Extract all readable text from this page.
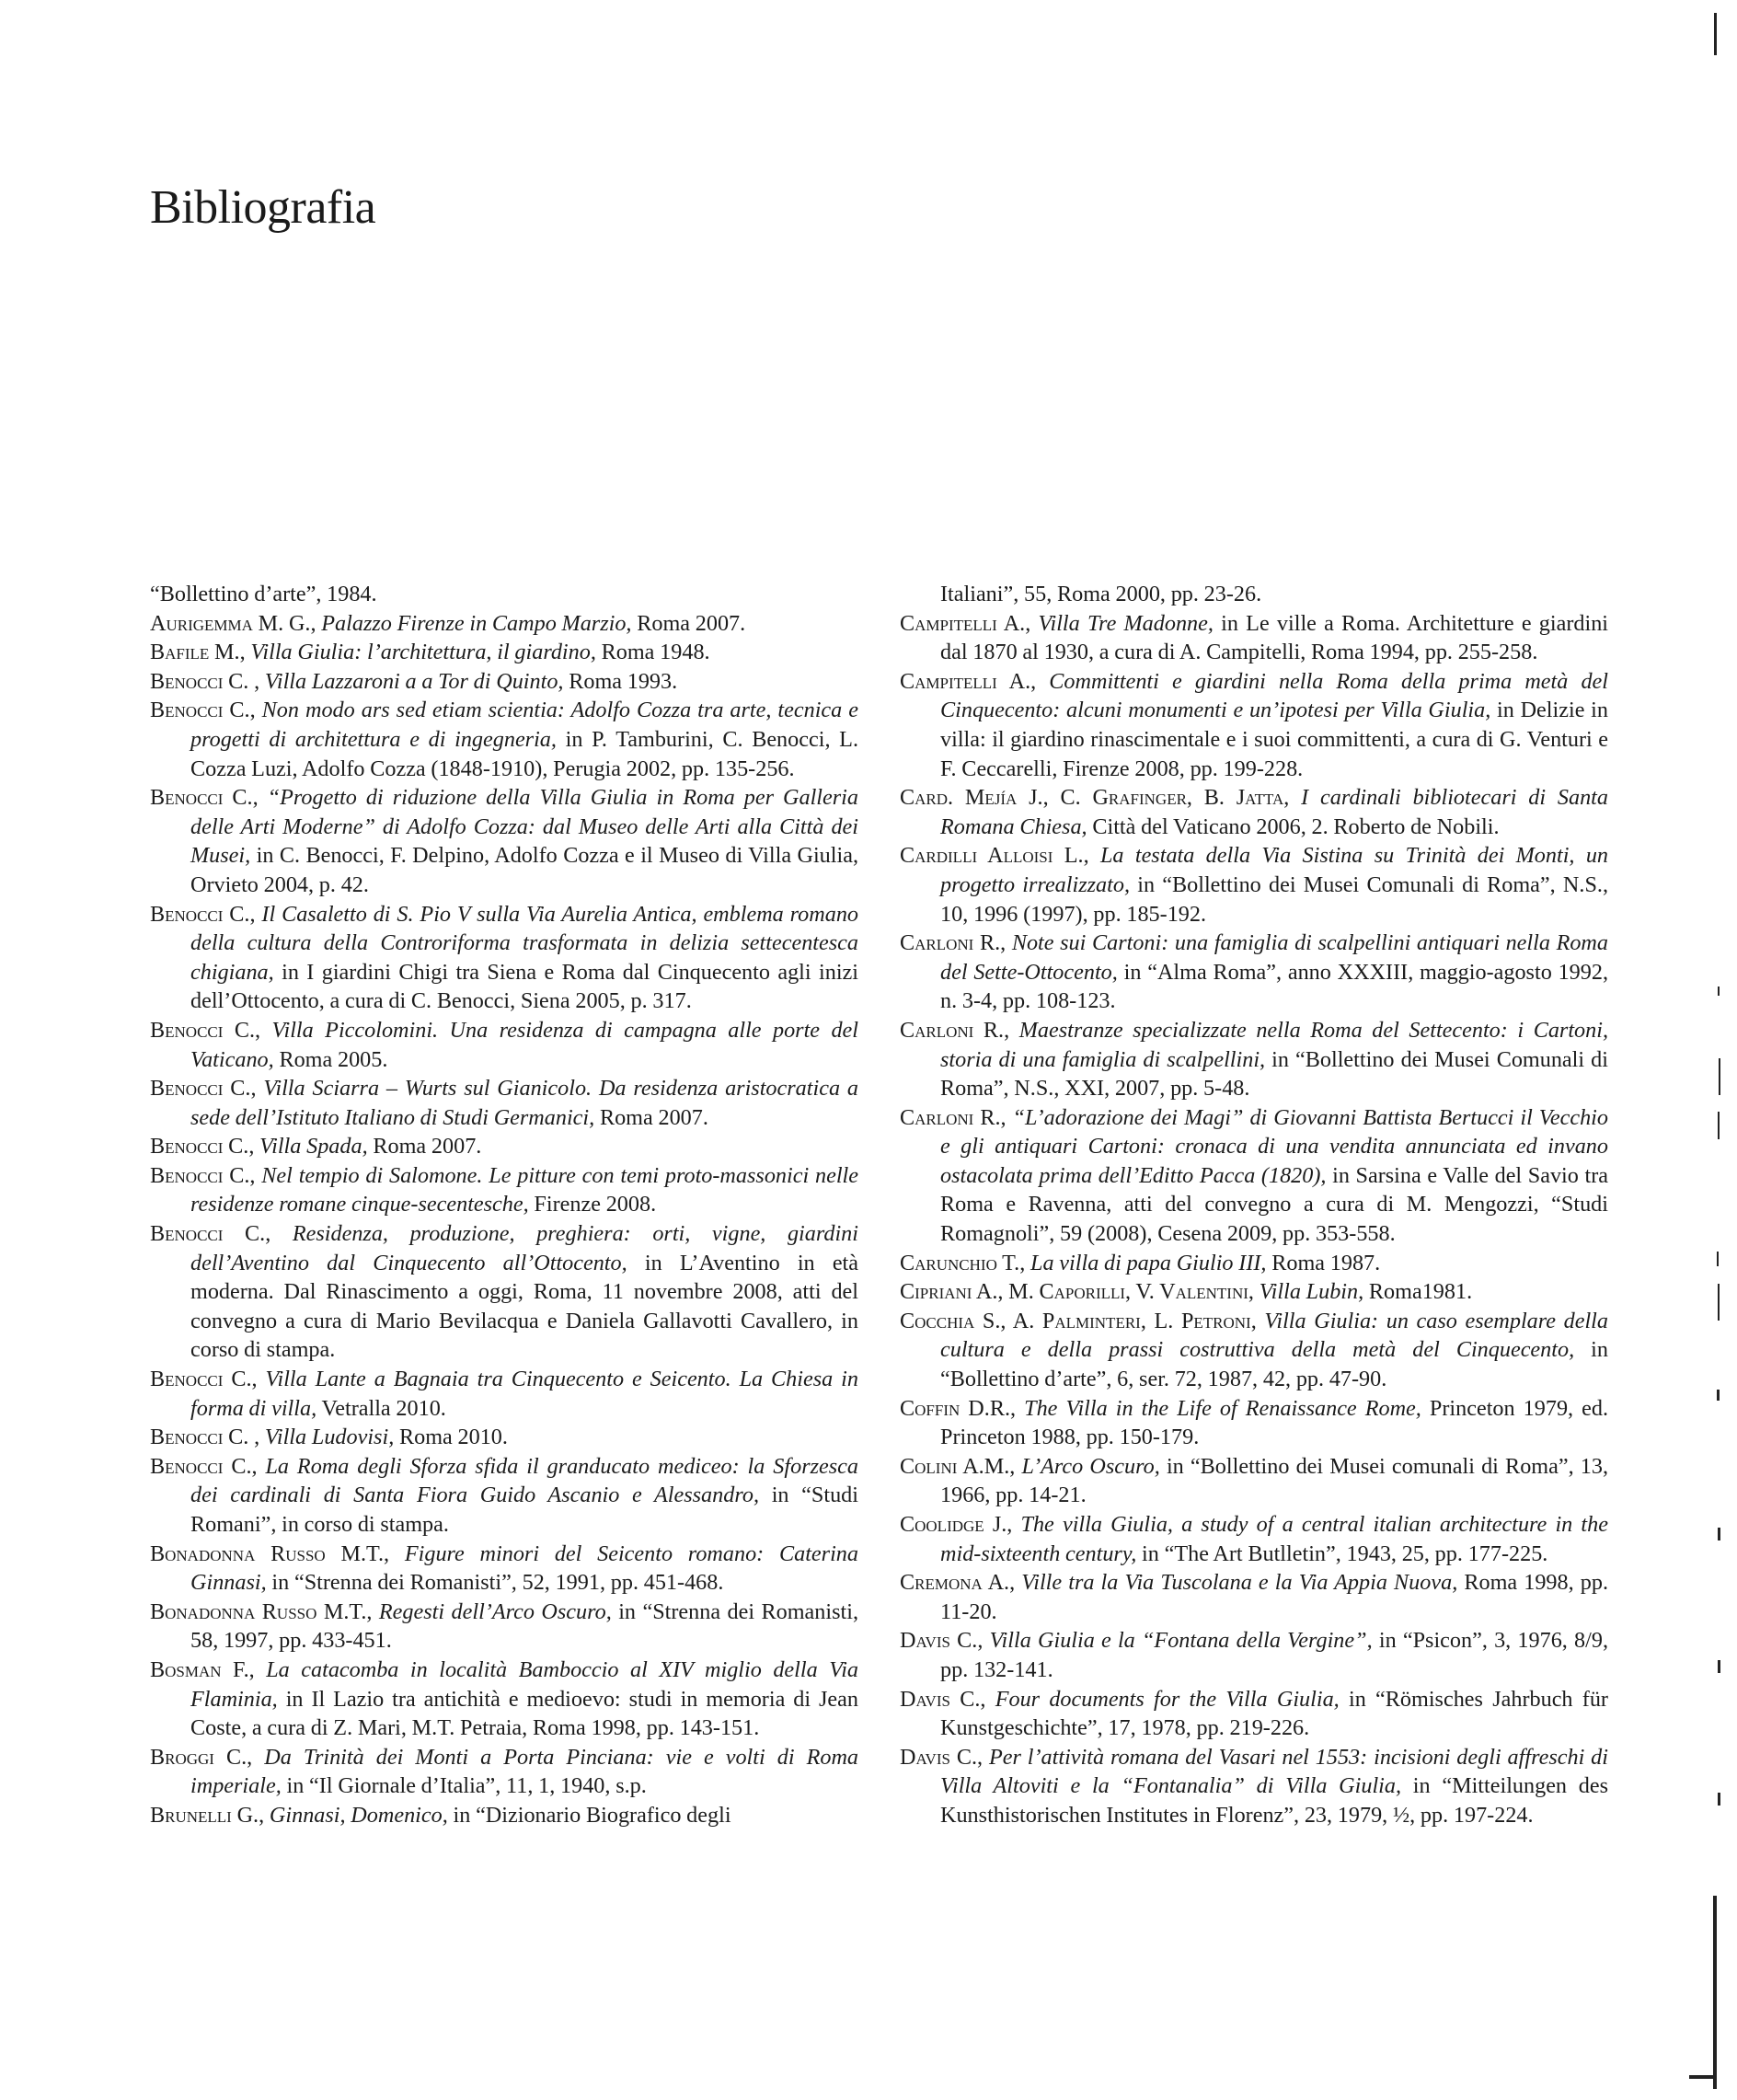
Bibliografia

“Bollettino d’arte”, 1984.

Aurigemma M. G., Palazzo Firenze in Campo Marzio, Roma 2007.

Bafile M., Villa Giulia: l’architettura, il giardino, Roma 1948.

Benocci C. , Villa Lazzaroni a a Tor di Quinto, Roma 1993.

Benocci C., Non modo ars sed etiam scientia: Adolfo Cozza tra arte, tecnica e progetti di architettura e di ingegneria, in P. Tamburini, C. Benocci, L. Cozza Luzi, Adolfo Cozza (1848-1910), Perugia 2002, pp. 135-256.

Benocci C., “Progetto di riduzione della Villa Giulia in Roma per Galleria delle Arti Moderne” di Adolfo Cozza: dal Museo delle Arti alla Città dei Musei, in C. Benocci, F. Delpino, Adolfo Cozza e il Museo di Villa Giulia, Orvieto 2004, p. 42.

Benocci C., Il Casaletto di S. Pio V sulla Via Aurelia Antica, emblema romano della cultura della Controriforma trasformata in delizia settecentesca chigiana, in I giardini Chigi tra Siena e Roma dal Cinquecento agli inizi dell’Ottocento, a cura di C. Benocci, Siena 2005, p. 317.

Benocci C., Villa Piccolomini. Una residenza di campagna alle porte del Vaticano, Roma 2005.

Benocci C., Villa Sciarra – Wurts sul Gianicolo. Da residenza aristocratica a sede dell’Istituto Italiano di Studi Germanici, Roma 2007.

Benocci C., Villa Spada, Roma 2007.

Benocci C., Nel tempio di Salomone. Le pitture con temi proto-massonici nelle residenze romane cinque-secentesche, Firenze 2008.

Benocci C., Residenza, produzione, preghiera: orti, vigne, giardini dell’Aventino dal Cinquecento all’Ottocento, in L’Aventino in età moderna. Dal Rinascimento a oggi, Roma, 11 novembre 2008, atti del convegno a cura di Mario Bevilacqua e Daniela Gallavotti Cavallero, in corso di stampa.

Benocci C., Villa Lante a Bagnaia tra Cinquecento e Seicento. La Chiesa in forma di villa, Vetralla 2010.

Benocci C. , Villa Ludovisi, Roma 2010.

Benocci C., La Roma degli Sforza sfida il granducato mediceo: la Sforzesca dei cardinali di Santa Fiora Guido Ascanio e Alessandro, in “Studi Romani”, in corso di stampa.

Bonadonna Russo M.T., Figure minori del Seicento romano: Caterina Ginnasi, in “Strenna dei Romanisti”, 52, 1991, pp. 451-468.

Bonadonna Russo M.T., Regesti dell’Arco Oscuro, in “Strenna dei Romanisti, 58, 1997, pp. 433-451.

Bosman F., La catacomba in località Bamboccio al XIV miglio della Via Flaminia, in Il Lazio tra antichità e medioevo: studi in memoria di Jean Coste, a cura di Z. Mari, M.T. Petraia, Roma 1998, pp. 143-151.

Broggi C., Da Trinità dei Monti a Porta Pinciana: vie e volti di Roma imperiale, in “Il Giornale d’Italia”, 11, 1, 1940, s.p.

Brunelli G., Ginnasi, Domenico, in “Dizionario Biografico degli

Italiani”, 55, Roma 2000, pp. 23-26.

Campitelli A., Villa Tre Madonne, in Le ville a Roma. Architetture e giardini dal 1870 al 1930, a cura di A. Campitelli, Roma 1994, pp. 255-258.

Campitelli A., Committenti e giardini nella Roma della prima metà del Cinquecento: alcuni monumenti e un’ipotesi per Villa Giulia, in Delizie in villa: il giardino rinascimentale e i suoi committenti, a cura di G. Venturi e F. Ceccarelli, Firenze 2008, pp. 199-228.

Card. Mejía J., C. Grafinger, B. Jatta, I cardinali bibliotecari di Santa Romana Chiesa, Città del Vaticano 2006, 2. Roberto de Nobili.

Cardilli Alloisi L., La testata della Via Sistina su Trinità dei Monti, un progetto irrealizzato, in “Bollettino dei Musei Comunali di Roma”, N.S., 10, 1996 (1997), pp. 185-192.

Carloni R., Note sui Cartoni: una famiglia di scalpellini antiquari nella Roma del Sette-Ottocento, in “Alma Roma”, anno XXXIII, maggio-agosto 1992, n. 3-4, pp. 108-123.

Carloni R., Maestranze specializzate nella Roma del Settecento: i Cartoni, storia di una famiglia di scalpellini, in “Bollettino dei Musei Comunali di Roma”, N.S., XXI, 2007, pp. 5-48.

Carloni R., “L’adorazione dei Magi” di Giovanni Battista Bertucci il Vecchio e gli antiquari Cartoni: cronaca di una vendita annunciata ed invano ostacolata prima dell’Editto Pacca (1820), in Sarsina e Valle del Savio tra Roma e Ravenna, atti del convegno a cura di M. Mengozzi, “Studi Romagnoli”, 59 (2008), Cesena 2009, pp. 353-558.

Carunchio T., La villa di papa Giulio III, Roma 1987.

Cipriani A., M. Caporilli, V. Valentini, Villa Lubin, Roma1981.

Cocchia S., A. Palminteri, L. Petroni, Villa Giulia: un caso esemplare della cultura e della prassi costruttiva della metà del Cinquecento, in “Bollettino d’arte”, 6, ser. 72, 1987, 42, pp. 47-90.

Coffin D.R., The Villa in the Life of Renaissance Rome, Princeton 1979, ed. Princeton 1988, pp. 150-179.

Colini A.M., L’Arco Oscuro, in “Bollettino dei Musei comunali di Roma”, 13, 1966, pp. 14-21.

Coolidge J., The villa Giulia, a study of a central italian architecture in the mid-sixteenth century, in “The Art Butlletin”, 1943, 25, pp. 177-225.

Cremona A., Ville tra la Via Tuscolana e la Via Appia Nuova, Roma 1998, pp. 11-20.

Davis C., Villa Giulia e la “Fontana della Vergine”, in “Psicon”, 3, 1976, 8/9, pp. 132-141.

Davis C., Four documents for the Villa Giulia, in “Römisches Jahrbuch für Kunstgeschichte”, 17, 1978, pp. 219-226.

Davis C., Per l’attività romana del Vasari nel 1553: incisioni degli affreschi di Villa Altoviti e la “Fontanalia” di Villa Giulia, in “Mitteilungen des Kunsthistorischen Institutes in Florenz”, 23, 1979, ½, pp. 197-224.
